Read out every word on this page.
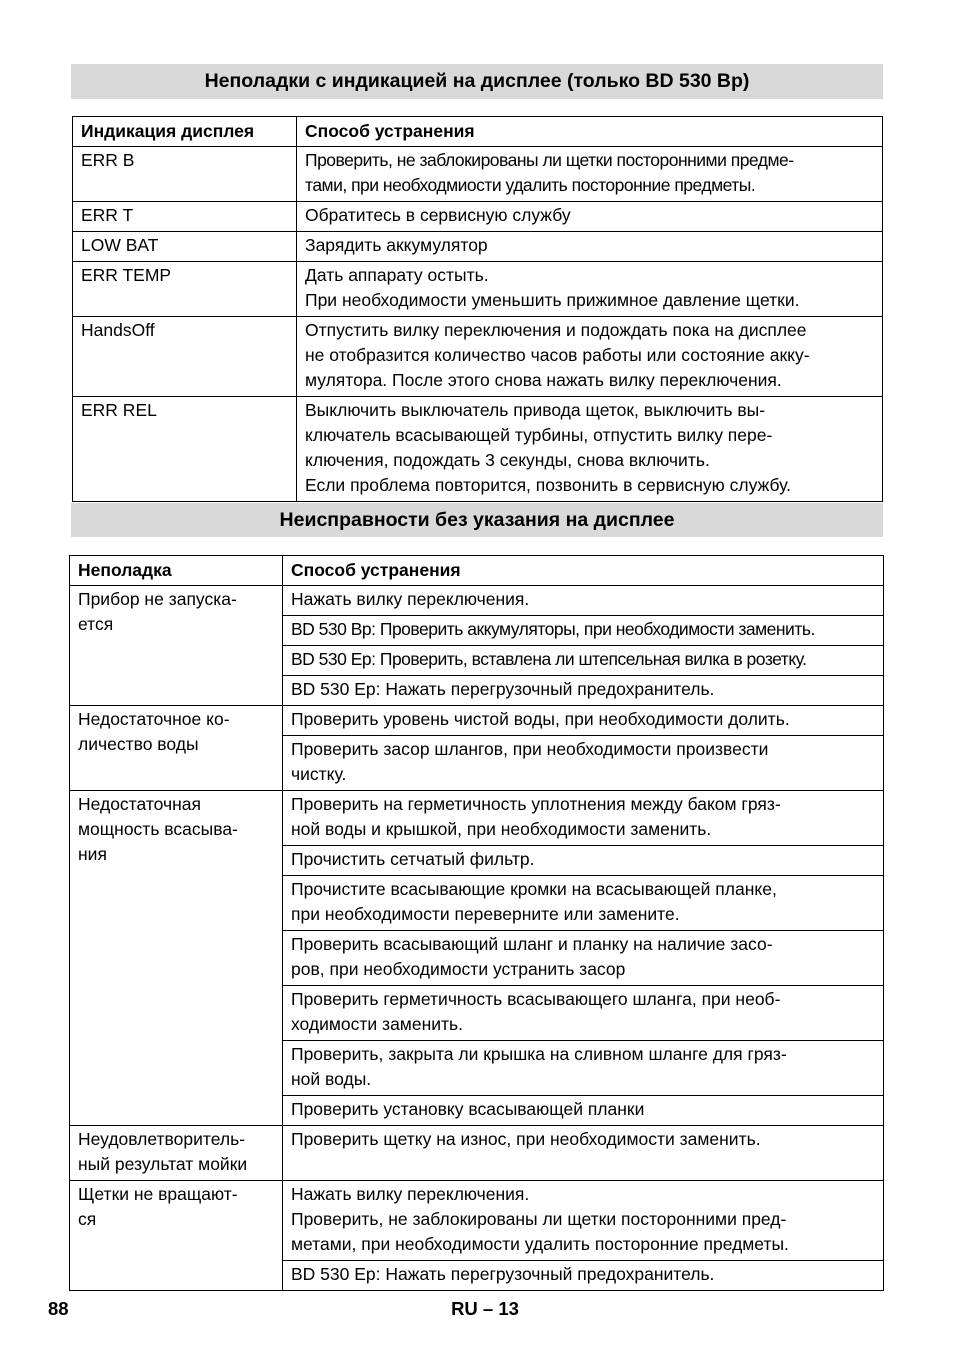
Неполадки с индикацией на дисплее (только BD 530 Bp)
Индикация дисплея	Способ устранения
ERR B	Проверить, не заблокированы ли щетки посторонними предме-
тами, при необходмиости удалить посторонние предметы.
ERR T	Обратитесь в сервисную службу
LOW BAT	Зарядить аккумулятор
ERR TEMP	Дать аппарату остыть.
При необходимости уменьшить прижимное давление щетки.
HandsOff	Отпустить вилку переключения и подождать пока на дисплее
не отобразится количество часов работы или состояние акку-
мулятора. После этого снова нажать вилку переключения.
ERR REL	Выключить выключатель привода щеток, выключить вы-
ключатель всасывающей турбины, отпустить вилку пере-
ключения, подождать 3 секунды, снова включить.
Если проблема повторится, позвонить в сервисную службу.
Неисправности без указания на дисплее
Неполадка	Способ устранения
Прибор не запуска-
ется	Нажать вилку переключения.
	BD 530 Bp: Проверить аккумуляторы, при необходимости заменить.
	BD 530 Ep: Проверить, вставлена ли штепсельная вилка в розетку.
	BD 530 Ep: Нажать перегрузочный предохранитель.
Недостаточное ко-
личество воды	Проверить уровень чистой воды, при необходимости долить.
	Проверить засор шлангов, при необходимости произвести
чистку.
Недостаточная
мощность всасыва-
ния	Проверить на герметичность уплотнения между баком гряз-
ной воды и крышкой, при необходимости заменить.
	Прочистить сетчатый фильтр.
	Прочистите всасывающие кромки на всасывающей планке,
при необходимости переверните или замените.
	Проверить всасывающий шланг и планку на наличие засо-
ров, при необходимости устранить засор
	Проверить герметичность всасывающего шланга, при необ-
ходимости заменить.
	Проверить, закрыта ли крышка на сливном шланге для гряз-
ной воды.
	Проверить установку всасывающей планки
Неудовлетворитель-
ный результат мойки	Проверить щетку на износ, при необходимости заменить.
Щетки не вращают-
ся	Нажать вилку переключения.
Проверить, не заблокированы ли щетки посторонними пред-
метами, при необходимости удалить посторонние предметы.
	BD 530 Ep: Нажать перегрузочный предохранитель.
88	RU – 13
